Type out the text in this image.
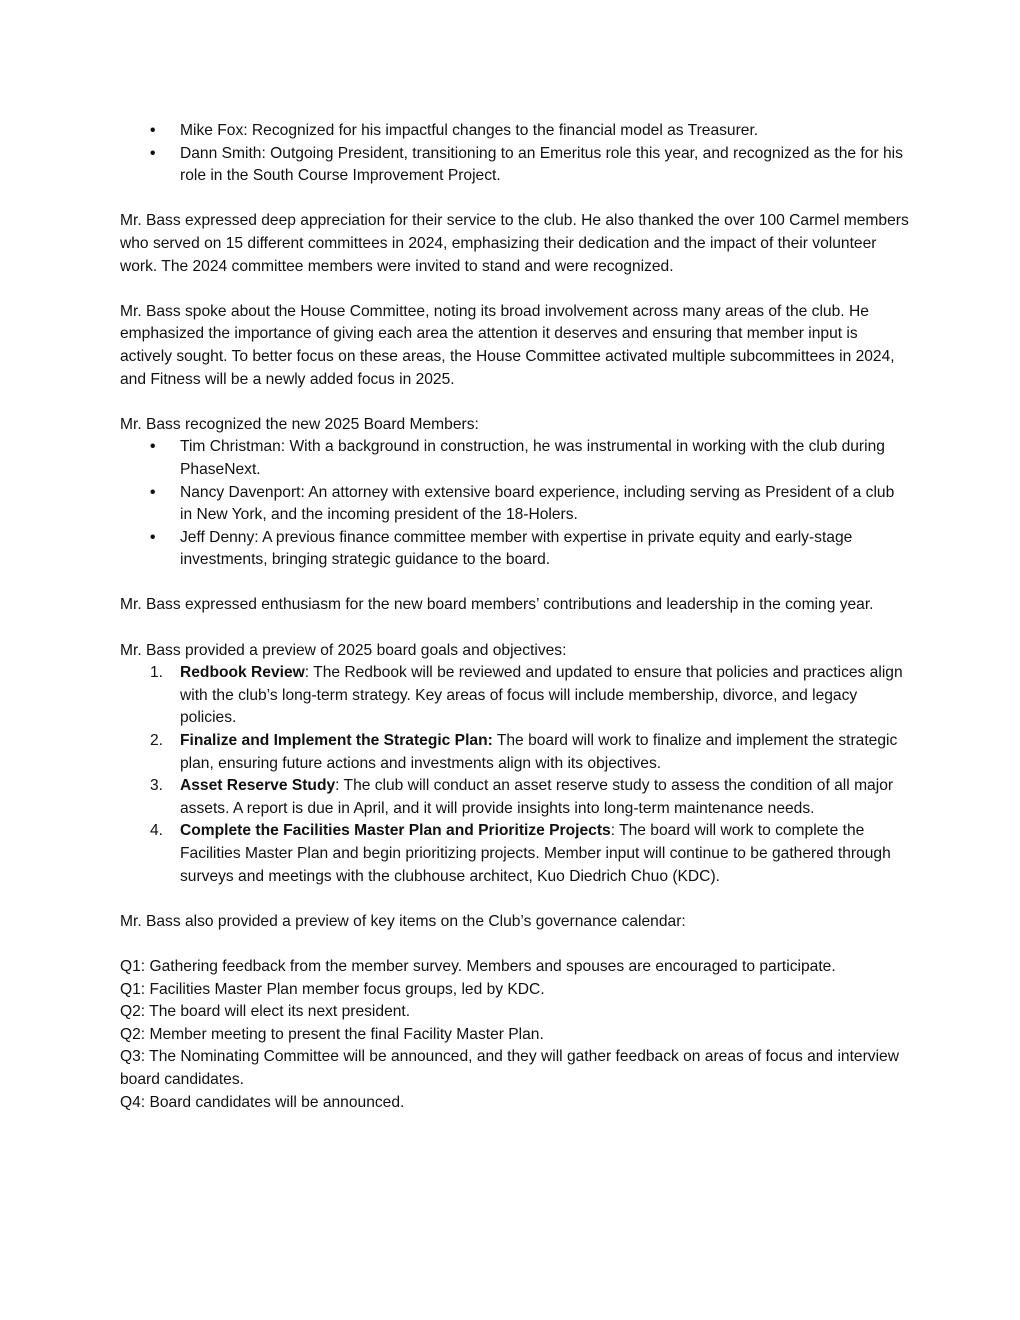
•	Mike Fox: Recognized for his impactful changes to the financial model as Treasurer.
•	Dann Smith: Outgoing President, transitioning to an Emeritus role this year, and recognized as the for his role in the South Course Improvement Project.

Mr. Bass expressed deep appreciation for their service to the club. He also thanked the over 100 Carmel members who served on 15 different committees in 2024, emphasizing their dedication and the impact of their volunteer work. The 2024 committee members were invited to stand and were recognized.

Mr. Bass spoke about the House Committee, noting its broad involvement across many areas of the club. He emphasized the importance of giving each area the attention it deserves and ensuring that member input is actively sought. To better focus on these areas, the House Committee activated multiple subcommittees in 2024, and Fitness will be a newly added focus in 2025.

Mr. Bass recognized the new 2025 Board Members:

•	Tim Christman: With a background in construction, he was instrumental in working with the club during PhaseNext.
•	Nancy Davenport: An attorney with extensive board experience, including serving as President of a club in New York, and the incoming president of the 18-Holers.
•	Jeff Denny: A previous finance committee member with expertise in private equity and early-stage investments, bringing strategic guidance to the board.

Mr. Bass expressed enthusiasm for the new board members’ contributions and leadership in the coming year.

Mr. Bass provided a preview of 2025 board goals and objectives:

1.	Redbook Review: The Redbook will be reviewed and updated to ensure that policies and practices align with the club’s long-term strategy. Key areas of focus will include membership, divorce, and legacy policies.
2.	Finalize and Implement the Strategic Plan: The board will work to finalize and implement the strategic plan, ensuring future actions and investments align with its objectives.
3.	Asset Reserve Study: The club will conduct an asset reserve study to assess the condition of all major assets. A report is due in April, and it will provide insights into long-term maintenance needs.
4.	Complete the Facilities Master Plan and Prioritize Projects: The board will work to complete the Facilities Master Plan and begin prioritizing projects. Member input will continue to be gathered through surveys and meetings with the clubhouse architect, Kuo Diedrich Chuo (KDC).

Mr. Bass also provided a preview of key items on the Club’s governance calendar:

Q1: Gathering feedback from the member survey. Members and spouses are encouraged to participate.

Q1: Facilities Master Plan member focus groups, led by KDC.

Q2: The board will elect its next president.

Q2: Member meeting to present the final Facility Master Plan.

Q3: The Nominating Committee will be announced, and they will gather feedback on areas of focus and interview board candidates.

Q4: Board candidates will be announced.
